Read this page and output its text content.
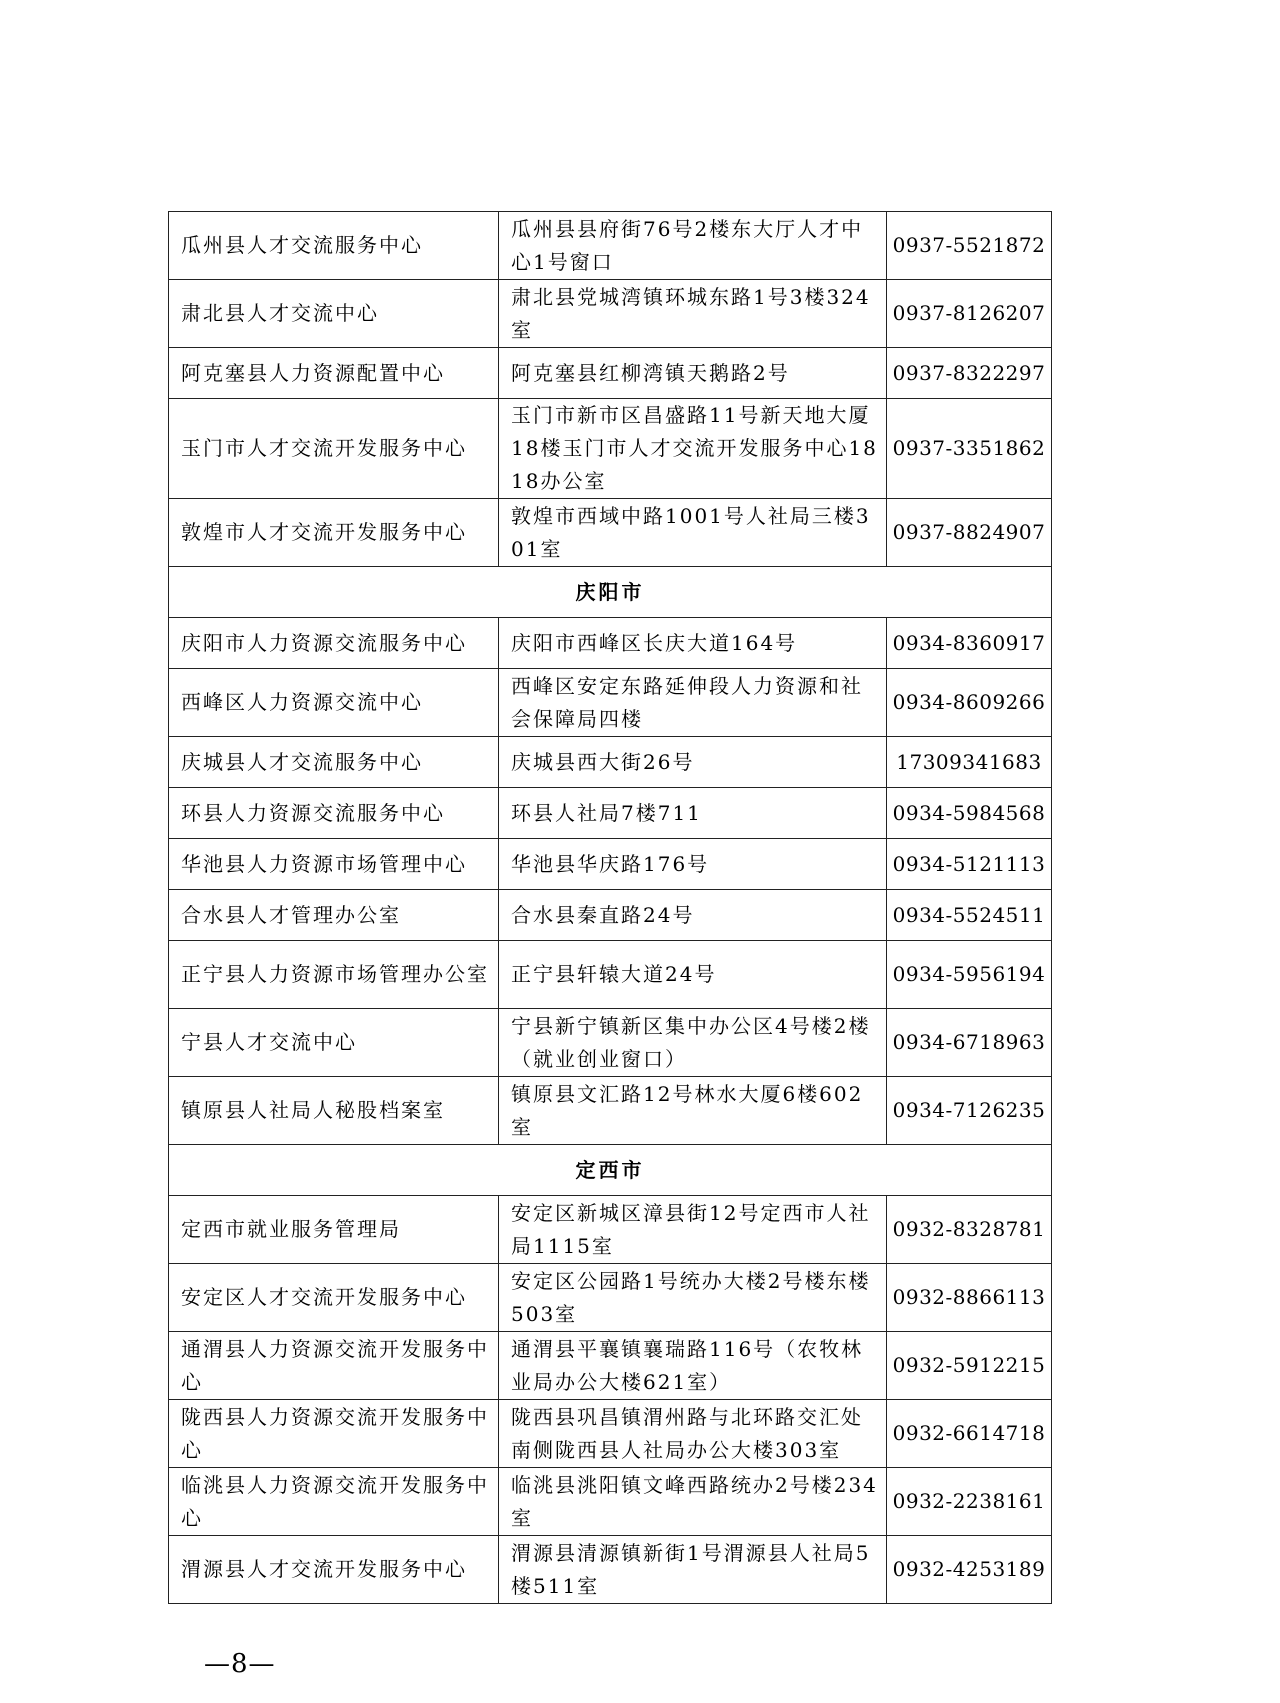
瓜州县人才交流服务中心	瓜州县县府街76号2楼东大厅人才中心1号窗口	0937-5521872
肃北县人才交流中心	肃北县党城湾镇环城东路1号3楼324室	0937-8126207
阿克塞县人力资源配置中心	阿克塞县红柳湾镇天鹅路2号	0937-8322297
玉门市人才交流开发服务中心	玉门市新市区昌盛路11号新天地大厦18楼玉门市人才交流开发服务中心1818办公室	0937-3351862
敦煌市人才交流开发服务中心	敦煌市西域中路1001号人社局三楼301室	0937-8824907
庆阳市		
庆阳市人力资源交流服务中心	庆阳市西峰区长庆大道164号	0934-8360917
西峰区人力资源交流中心	西峰区安定东路延伸段人力资源和社会保障局四楼	0934-8609266
庆城县人才交流服务中心	庆城县西大街26号	17309341683
环县人力资源交流服务中心	环县人社局7楼711	0934-5984568
华池县人力资源市场管理中心	华池县华庆路176号	0934-5121113
合水县人才管理办公室	合水县秦直路24号	0934-5524511
正宁县人力资源市场管理办公室	正宁县轩辕大道24号	0934-5956194
宁县人才交流中心	宁县新宁镇新区集中办公区4号楼2楼（就业创业窗口）	0934-6718963
镇原县人社局人秘股档案室	镇原县文汇路12号林水大厦6楼602室	0934-7126235
定西市		
定西市就业服务管理局	安定区新城区漳县街12号定西市人社局1115室	0932-8328781
安定区人才交流开发服务中心	安定区公园路1号统办大楼2号楼东楼503室	0932-8866113
通渭县人力资源交流开发服务中心	通渭县平襄镇襄瑞路116号（农牧林业局办公大楼621室）	0932-5912215
陇西县人力资源交流开发服务中心	陇西县巩昌镇渭州路与北环路交汇处南侧陇西县人社局办公大楼303室	0932-6614718
临洮县人力资源交流开发服务中心	临洮县洮阳镇文峰西路统办2号楼234室	0932-2238161
渭源县人才交流开发服务中心	渭源县清源镇新街1号渭源县人社局5楼511室	0932-4253189
—8—
